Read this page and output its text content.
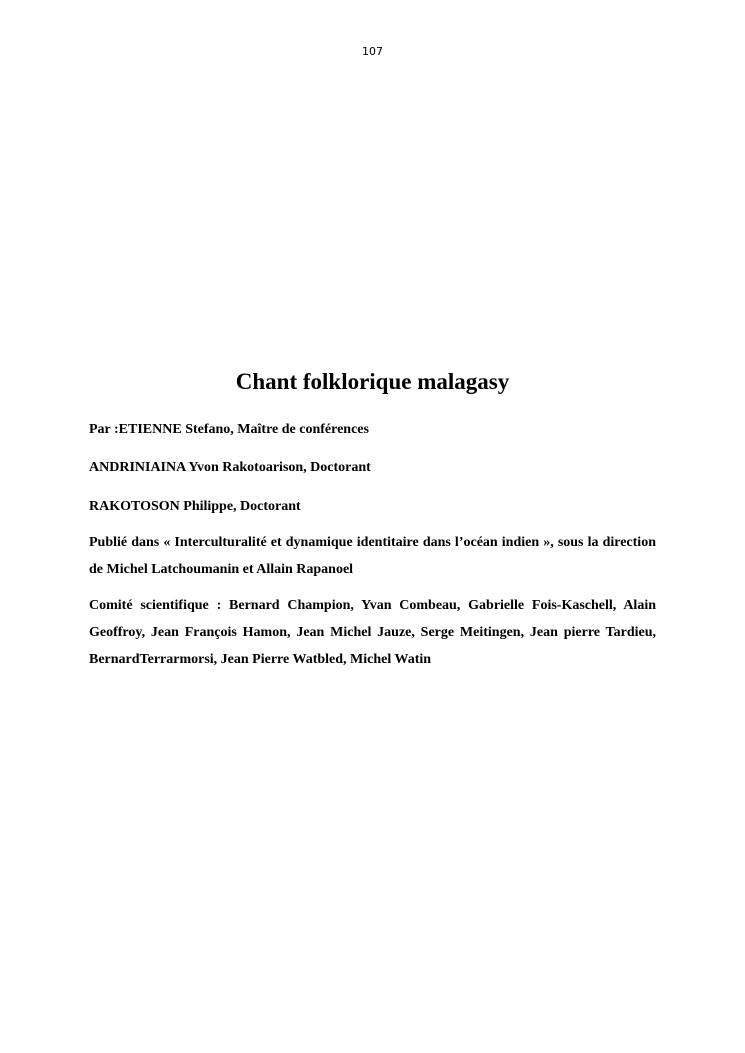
107
Chant folklorique malagasy

Par :ETIENNE Stefano, Maître de conférences

ANDRINIAINA Yvon Rakotoarison, Doctorant

RAKOTOSON Philippe, Doctorant

Publié dans « Interculturalité et dynamique identitaire dans l’océan indien », sous la direction de Michel Latchoumanin et Allain Rapanoel

Comité scientifique : Bernard Champion, Yvan Combeau, Gabrielle Fois-Kaschell, Alain Geoffroy, Jean François Hamon, Jean Michel Jauze, Serge Meitingen, Jean pierre Tardieu, BernardTerrarmorsi, Jean Pierre Watbled, Michel Watin
